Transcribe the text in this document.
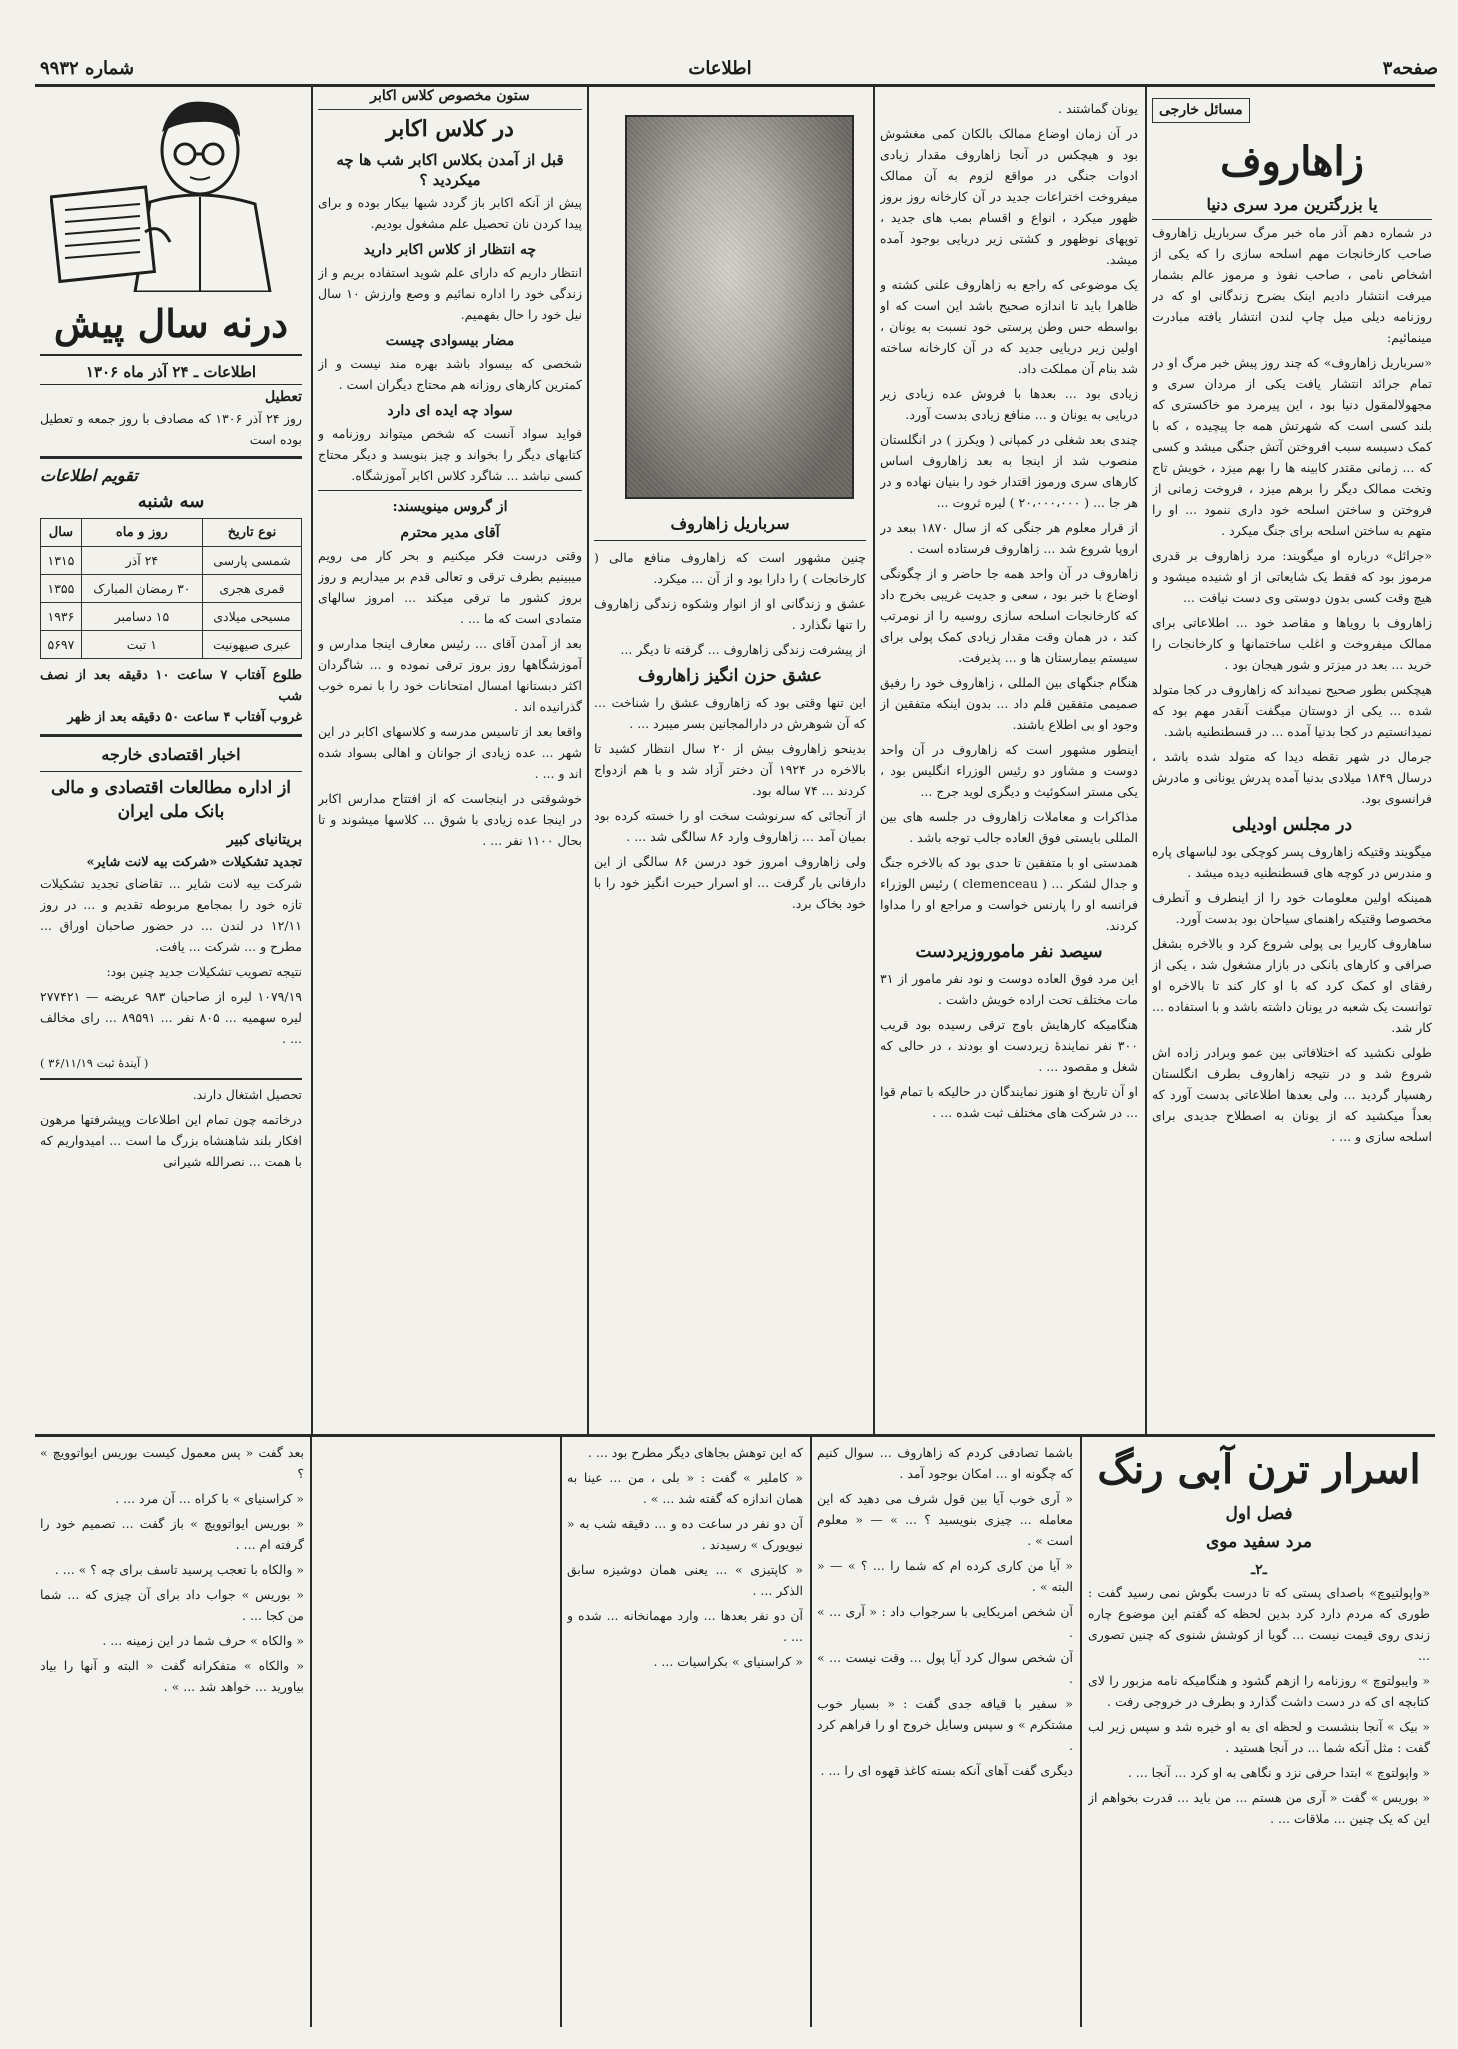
صفحه۳
اطلاعات
شماره ۹۹۳۲
مسائل خارجی
زاهاروف
یا بزرگترین مرد سری دنیا

در شماره دهم آذر ماه خبر مرگ سرباریل زاهاروف صاحب کارخانجات مهم اسلحه سازی را که یکی از اشخاص نامی ، صاحب نفوذ و مرموز عالم بشمار میرفت انتشار دادیم اینک بضرح زندگانی او که در روزنامه دیلی میل چاپ لندن انتشار یافته مبادرت مینمائیم:

«سرباریل زاهاروف» که چند روز پیش خبر مرگ او در تمام جرائد انتشار یافت یکی از مردان سری و مجهولالمقول دنیا بود ، این پیرمرد مو خاکستری که بلند کسی است که شهرتش همه جا پیچیده ، که با کمک دسیسه سبب افروختن آتش جنگی میشد و کسی که ... زمانی مقتدر کابینه ها را بهم میزد ، خویش تاج وتخت ممالک دیگر را برهم میزد ، فروخت زمانی از فروختن و ساختن اسلحه خود داری ننمود ... او را متهم به ساختن اسلحه برای جنگ میکرد .

«جرائل» درباره او میگویند: مرد زاهاروف بر قدری مرموز بود که فقط یک شایعاتی از او شنیده میشود و هیچ وقت کسی بدون دوستی وی دست نیافت ...

زاهاروف با رویاها و مقاصد خود ... اطلاعاتی برای ممالک میفروخت و اغلب ساختمانها و کارخانجات را خرید ... بعد در میزتر و شور هیجان بود .

هیچکس بطور صحیح نمیداند که زاهاروف در کجا متولد شده ... یکی از دوستان میگفت آنقدر مهم بود که نمیدانستیم در کجا بدنیا آمده ... در قسطنطنیه باشد.

جرمال در شهر نقطه دیدا که متولد شده باشد ، درسال ۱۸۴۹ میلادی بدنیا آمده پدرش یونانی و مادرش فرانسوی بود.

در مجلس اودیلی

میگویند وقتیکه زاهاروف پسر کوچکی بود لباسهای پاره و مندرس در کوچه های قسطنطنیه دیده میشد .

همینکه اولین معلومات خود را از اینطرف و آنطرف مخصوصا وقتیکه راهنمای سیاحان بود بدست آورد.

ساهاروف کاریرا بی پولی شروع کرد و بالاخره بشغل صرافی و کارهای بانکی در بازار مشغول شد ، یکی از رفقای او کمک کرد که با او کار کند تا بالاخره او توانست یک شعبه در یونان داشته باشد و با استفاده ... کار شد.

طولی نکشید که اختلافاتی بین عمو وبرادر زاده اش شروع شد و در نتیجه زاهاروف بطرف انگلستان رهسپار گردید ... ولی بعدها اطلاعاتی بدست آورد که بعداً میکشید که از یونان به اصطلاح جدیدی برای اسلحه سازی و ... .

یونان گماشتند .

در آن زمان اوضاع ممالک بالکان کمی مغشوش بود و هیچکس در آنجا زاهاروف مقدار زیادی ادوات جنگی در مواقع لزوم به آن ممالک میفروخت اختراعات جدید در آن کارخانه روز بروز ظهور میکرد ، انواع و اقسام بمب های جدید ، توپهای نوظهور و کشتی زیر دریایی بوجود آمده میشد.

یک موضوعی که راجع به زاهاروف علنی کشته و ظاهرا باید تا اندازه صحیح باشد این است که او بواسطه حس وطن پرستی خود نسبت به یونان ، اولین زیر دریایی جدید که در آن کارخانه ساخته شد بنام آن مملکت داد.

زیادی بود ... بعدها با فروش عده زیادی زیر دریایی به یونان و ... منافع زیادی بدست آورد.

چندی بعد شغلی در کمپانی ( ویکرز ) در انگلستان منصوب شد از اینجا به بعد زاهاروف اساس کارهای سری ورموز اقتدار خود را بنیان نهاده و در هر جا ... ( ۲۰،۰۰۰،۰۰۰ ) لیره ثروت ...

از قرار معلوم هر جنگی که از سال ۱۸۷۰ ببعد در اروپا شروع شد ... زاهاروف فرستاده است .

زاهاروف در آن واحد همه جا حاضر و از چگونگی اوضاع با خبر بود ، سعی و جدیت غریبی بخرج داد که کارخانجات اسلحه سازی روسیه را از نومرتب کند ، در همان وقت مقدار زیادی کمک پولی برای سیستم بیمارستان ها و ... پذیرفت.

هنگام جنگهای بین المللی ، زاهاروف خود را رفیق صمیمی متفقین قلم داد ... بدون اینکه متفقین از وجود او بی اطلاع باشند.

اینطور مشهور است که زاهاروف در آن واحد دوست و مشاور دو رئیس الوزراء انگلیس بود ، یکی مستر اسکوئیث و دیگری لوید جرج ...

مذاکرات و معاملات زاهاروف در جلسه های بین المللی بایستی فوق العاده جالب توجه باشد .

همدستی او با متفقین تا حدی بود که بالاخره جنگ و جدال لشکر ... ( clemenceau ) رئیس الوزراء فرانسه او را پارنس خواست و مراجع او را مداوا کردند.

سیصد نفر ماموروزیردست

این مرد فوق العاده دوست و نود نفر مامور از ۳۱ مات مختلف تحت اراده خویش داشت .

هنگامیکه کارهایش باوج ترقی رسیده بود قریب ۳۰۰ نفر نمایندۀ زیردست او بودند ، در حالی که شغل و مقصود ... .

او آن تاریخ او هنوز نمایندگان در حالیکه با تمام قوا ... در شرکت های مختلف ثبت شده ... .

سرباریل زاهاروف

چنین مشهور است که زاهاروف منافع مالی ( کارخانجات ) را دارا بود و از آن ... میکرد.

عشق و زندگانی او از انوار وشکوه زندگی زاهاروف را تنها نگذارد .

از پیشرفت زندگی زاهاروف ... گرفته تا دیگر ...

عشق حزن انگیز زاهاروف

این تنها وقتی بود که زاهاروف عشق را شناخت ... که آن شوهرش در دارالمجانین بسر میبرد ... .

بدینحو زاهاروف بیش از ۲۰ سال انتظار کشید تا بالاخره در ۱۹۲۴ آن دختر آزاد شد و با هم ازدواج کردند ... ۷۴ ساله بود.

از آنجائی که سرنوشت سخت او را خسته کرده بود بمیان آمد ... زاهاروف وارد ۸۶ سالگی شد ... .

ولی زاهاروف امروز خود درسن ۸۶ سالگی از این دارفانی بار گرفت ... او اسرار حیرت انگیز خود را با خود بخاک برد.

ستون مخصوص کلاس اکابر
در کلاس اکابر
قبل از آمدن بکلاس اکابر شب ها چه میکردید ؟

پیش از آنکه اکابر باز گردد شبها بیکار بوده و برای پیدا کردن نان تحصیل علم مشغول بودیم.

چه انتظار از کلاس اکابر دارید

انتظار داریم که دارای علم شوید استفاده بریم و از زندگی خود را اداره نمائیم و وصع وارزش ۱۰ سال نیل خود را حال بفهمیم.

مضار بیسوادی چیست

شخصی که بیسواد باشد بهره مند نیست و از کمترین کارهای روزانه هم محتاج دیگران است .

سواد چه ایده ای دارد

فواید سواد آنست که شخص میتواند روزنامه و کتابهای دیگر را بخواند و چیز بنویسد و دیگر محتاج کسی نباشد ... شاگرد کلاس اکابر آموزشگاه.

از گروس مینویسند:
آقای مدیر محترم

وقتی درست فکر میکنیم و بحر کار می رویم میبینیم بطرف ترقی و تعالی قدم بر میداریم و روز بروز کشور ما ترقی میکند ... امروز سالهای متمادی است که ما ... .

بعد از آمدن آقای ... رئیس معارف اینجا مدارس و آموزشگاهها روز بروز ترقی نموده و ... شاگردان اکثر دبستانها امسال امتحانات خود را با نمره خوب گذرانیده اند .

واقعا بعد از تاسیس مدرسه و کلاسهای اکابر در این شهر ... عده زیادی از جوانان و اهالی بسواد شده اند و ... .

خوشوقتی در اینجاست که از افتتاح مدارس اکابر در اینجا عده زیادی با شوق ... کلاسها میشوند و تا بحال ۱۱۰۰ نفر ... .

درنه سال پیش
اطلاعات ـ ۲۴ آذر ماه ۱۳۰۶
تعطیل

روز ۲۴ آذر ۱۳۰۶ که مصادف با روز جمعه و تعطیل بوده است

تقویم اطلاعات
سه شنبه
نوع تاریخ	روز و ماه	سال
شمسی پارسی	۲۴ آذر	۱۳۱۵
قمری هجری	۳۰ رمضان المبارک	۱۳۵۵
مسیحی میلادی	۱۵ دسامبر	۱۹۳۶
عبری صیهونیت	۱ تبت	۵۶۹۷
طلوع آفتاب ۷ ساعت ۱۰ دقیقه بعد از نصف شب
غروب آفتاب ۴ ساعت ۵۰ دقیقه بعد از ظهر
اخبار اقتصادی خارجه
از اداره مطالعات اقتصادی و مالی بانک ملی ایران
بریتانیای کبیر
تجدید تشکیلات «شرکت بیه لانت شایر»

شرکت بیه لانت شایر ... تقاضای تجدید تشکیلات تازه خود را بمجامع مربوطه تقدیم و ... در روز ۱۲/۱۱ در لندن ... در حضور صاحبان اوراق ... مطرح و ... شرکت ... یافت.

نتیجه تصویب تشکیلات جدید چنین بود:

۱۰۷۹/۱۹ لیره از صاحبان ۹۸۳ عریضه — ۲۷۷۴۲۱ لیره سهمیه ... ۸۰۵ نفر ... ۸۹۵۹۱ ... رای مخالف ... .

( آیندۀ ثبت ۳۶/۱۱/۱۹ )

تحصیل اشتغال دارند.

درخاتمه چون تمام این اطلاعات وپیشرفتها مرهون افکار بلند شاهنشاه بزرگ ما است ... امیدواریم که با همت ... نصرالله شیرانی

اسرار ترن آبی رنگ
فصل اول
مرد سفید موی
ـ۲ـ

«واپولتیوچ» باصدای پستی که تا درست بگوش نمی رسید گفت : طوری که مردم دارد کرد بدین لحظه که گفتم این موضوع چاره زندی روی قیمت نیست ... گویا از کوشش شنوی که چنین تصوری ...

« وایبولتوچ » روزنامه را ازهم گشود و هنگامیکه نامه مزبور را لای کتابچه ای که در دست داشت گذارد و بطرف در خروجی رفت .

« بیک » آنجا بنشست و لحظه ای به او خیره شد و سپس زیر لب گفت : مثل آنکه شما ... در آنجا هستید .

« واپولتوچ » ابتدا حرفی نزد و نگاهی به او کرد ... آنجا ... .

« بوریس » گفت « آری من هستم ... من باید ... قدرت بخواهم از این که یک چنین ... ملاقات ... .

باشما تصادفی کردم که زاهاروف ... سوال کنیم که چگونه او ... امکان بوجود آمد .

« آری خوب آیا بین قول شرف می دهید که این معامله ... چیزی بنویسید ؟ ... » — « معلوم است » .

« آیا من کاری کرده ام که شما را ... ؟ » — « البته » .

آن شخص امریکایی با سرجواب داد : « آری ... » .

آن شخص سوال کرد آیا پول ... وقت نیست ... » .

« سفیر با قیافه جدی گفت : « بسیار خوب مشتکرم » و سپس وسایل خروج او را فراهم کرد .

دیگری گفت آهای آنکه بسته کاغذ قهوه ای را ... .

که این توهش بجاهای دیگر مطرح بود ... .

« کاملیر » گفت : « بلی ، من ... عینا به همان اندازه که گفته شد ... » .

آن دو نفر در ساعت ده و ... دقیقه شب به « نیویورک » رسیدند .

« کاپتیزی » ... یعنی همان دوشیزه سابق الذکر ... .

آن دو نفر بعدها ... وارد مهمانخانه ... شده و ... .

« کراسنیای » بکراسیات ... .

بعد گفت « پس معمول کیست بوریس ایواتوویچ » ؟

« کراسنیای » با کراه ... آن مرد ... .

« بوریس ایواتوویچ » باز گفت ... تصمیم خود را گرفته ام ... .

« والکاه با تعجب پرسید تاسف برای چه ؟ » ... .

« بوریس » جواب داد برای آن چیزی که ... شما من کجا ... .

« والکاه » حرف شما در این زمینه ... .

« والکاه » متفکرانه گفت « البته و آنها را بیاد بیاورید ... خواهد شد ... » .
